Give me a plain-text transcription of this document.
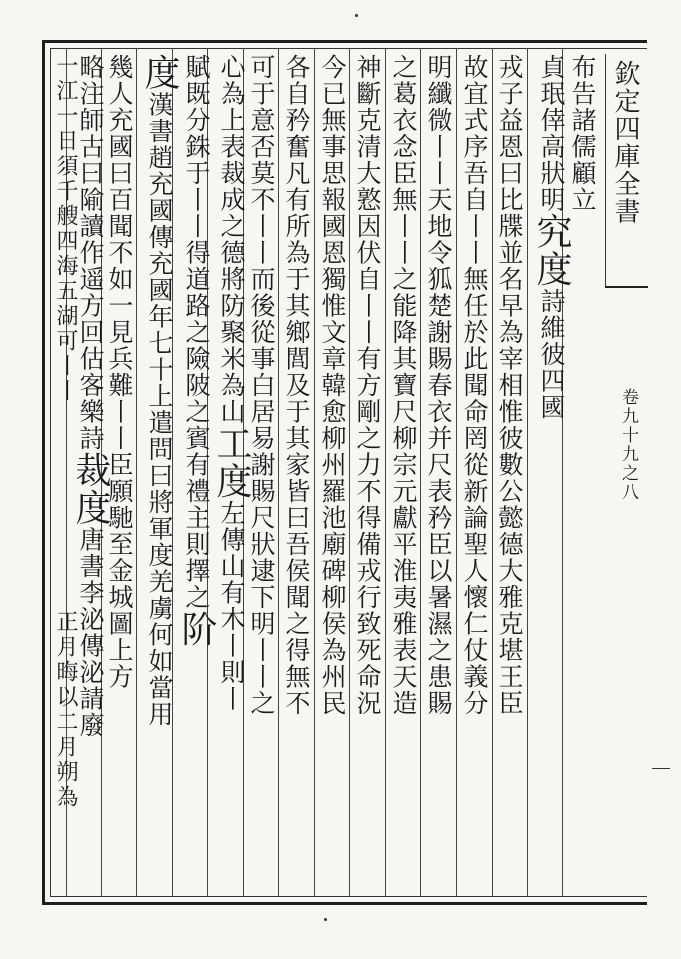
欽定四庫全書
卷九十九之八
布告諸儒顧立
貞珉倖高狀明究度詩維彼四國
戎子益恩曰比牒並名早為宰相惟彼數公懿德大雅克堪王臣
故宜式序吾自丨丨無任於此聞命罔從新論聖人懷仁仗義分
明纖微丨丨天地令狐楚謝賜春衣并尺表矜臣以暑濕之患賜
之葛衣念臣無丨丨之能降其寶尺柳宗元獻平淮夷雅表天造
神斷克清大憝因伏自丨丨有方剛之力不得備戎行致死命況
今已無事思報國恩獨惟文章韓愈柳州羅池廟碑柳侯為州民
各自矜奮凡有所為于其鄉閭及于其家皆曰吾侯聞之得無不
可于意否莫不丨丨而後從事白居易謝賜尺狀逮下明丨丨之
心為上表裁成之德將防聚米為山工度左傳山有木丨則丨
賦既分銖于丨丨得道路之險陂之賓有禮主則擇之阶
度漢書趙充國傳充國年七十上遣問曰將軍度羌虜何如當用
幾人充國曰百聞不如一見兵難丨丨臣願馳至金城圖上方
略注師古曰隃讀作遥方回估客樂詩裁度唐書李泌傳泌請廢
一江一日須千艘四海五湖可丨丨
正月晦以二月朔為
